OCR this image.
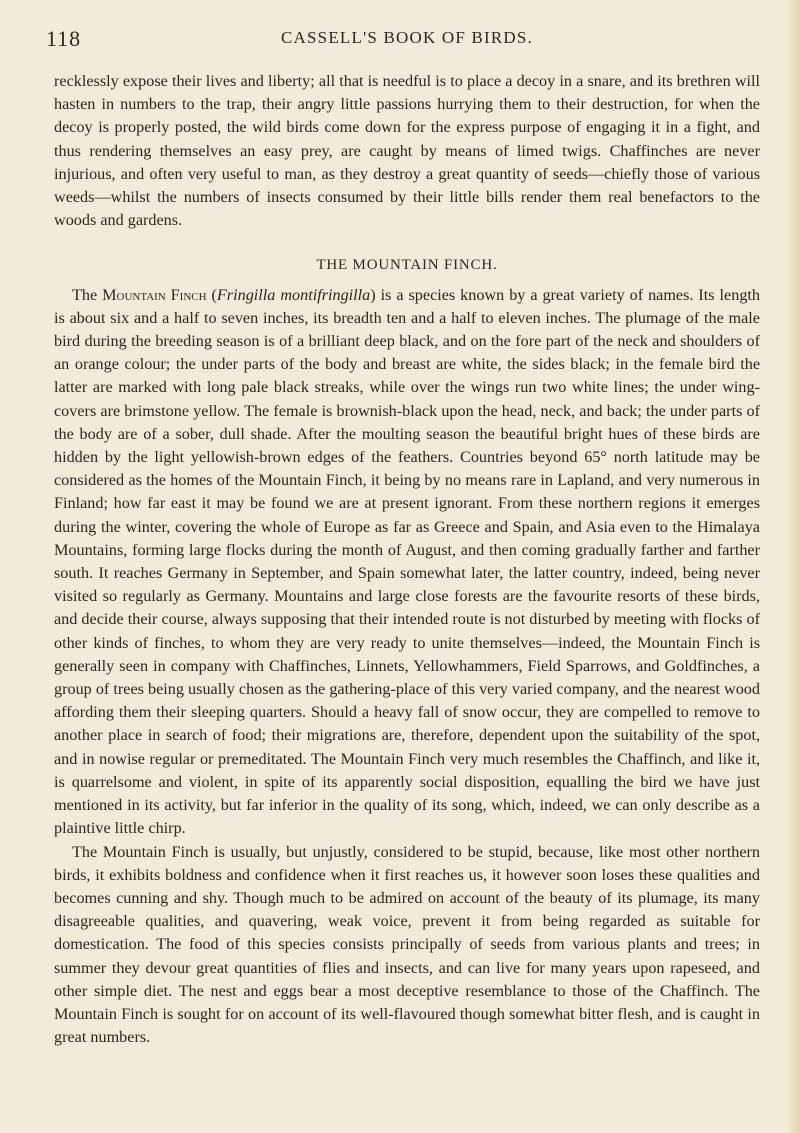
118	CASSELL'S BOOK OF BIRDS.

recklessly expose their lives and liberty; all that is needful is to place a decoy in a snare, and its brethren will hasten in numbers to the trap, their angry little passions hurrying them to their destruction, for when the decoy is properly posted, the wild birds come down for the express purpose of engaging it in a fight, and thus rendering themselves an easy prey, are caught by means of limed twigs. Chaffinches are never injurious, and often very useful to man, as they destroy a great quantity of seeds—chiefly those of various weeds—whilst the numbers of insects consumed by their little bills render them real benefactors to the woods and gardens.

THE MOUNTAIN FINCH.

The Mountain Finch (Fringilla montifringilla) is a species known by a great variety of names. Its length is about six and a half to seven inches, its breadth ten and a half to eleven inches. The plumage of the male bird during the breeding season is of a brilliant deep black, and on the fore part of the neck and shoulders of an orange colour; the under parts of the body and breast are white, the sides black; in the female bird the latter are marked with long pale black streaks, while over the wings run two white lines; the under wing-covers are brimstone yellow. The female is brownish-black upon the head, neck, and back; the under parts of the body are of a sober, dull shade. After the moulting season the beautiful bright hues of these birds are hidden by the light yellowish-brown edges of the feathers. Countries beyond 65° north latitude may be considered as the homes of the Mountain Finch, it being by no means rare in Lapland, and very numerous in Finland; how far east it may be found we are at present ignorant. From these northern regions it emerges during the winter, covering the whole of Europe as far as Greece and Spain, and Asia even to the Himalaya Mountains, forming large flocks during the month of August, and then coming gradually farther and farther south. It reaches Germany in September, and Spain somewhat later, the latter country, indeed, being never visited so regularly as Germany. Mountains and large close forests are the favourite resorts of these birds, and decide their course, always supposing that their intended route is not disturbed by meeting with flocks of other kinds of finches, to whom they are very ready to unite themselves—indeed, the Mountain Finch is generally seen in company with Chaffinches, Linnets, Yellowhammers, Field Sparrows, and Goldfinches, a group of trees being usually chosen as the gathering-place of this very varied company, and the nearest wood affording them their sleeping quarters. Should a heavy fall of snow occur, they are compelled to remove to another place in search of food; their migrations are, therefore, dependent upon the suitability of the spot, and in nowise regular or premeditated. The Mountain Finch very much resembles the Chaffinch, and like it, is quarrelsome and violent, in spite of its apparently social disposition, equalling the bird we have just mentioned in its activity, but far inferior in the quality of its song, which, indeed, we can only describe as a plaintive little chirp.

The Mountain Finch is usually, but unjustly, considered to be stupid, because, like most other northern birds, it exhibits boldness and confidence when it first reaches us, it however soon loses these qualities and becomes cunning and shy. Though much to be admired on account of the beauty of its plumage, its many disagreeable qualities, and quavering, weak voice, prevent it from being regarded as suitable for domestication. The food of this species consists principally of seeds from various plants and trees; in summer they devour great quantities of flies and insects, and can live for many years upon rapeseed, and other simple diet. The nest and eggs bear a most deceptive resemblance to those of the Chaffinch. The Mountain Finch is sought for on account of its well-flavoured though somewhat bitter flesh, and is caught in great numbers.
